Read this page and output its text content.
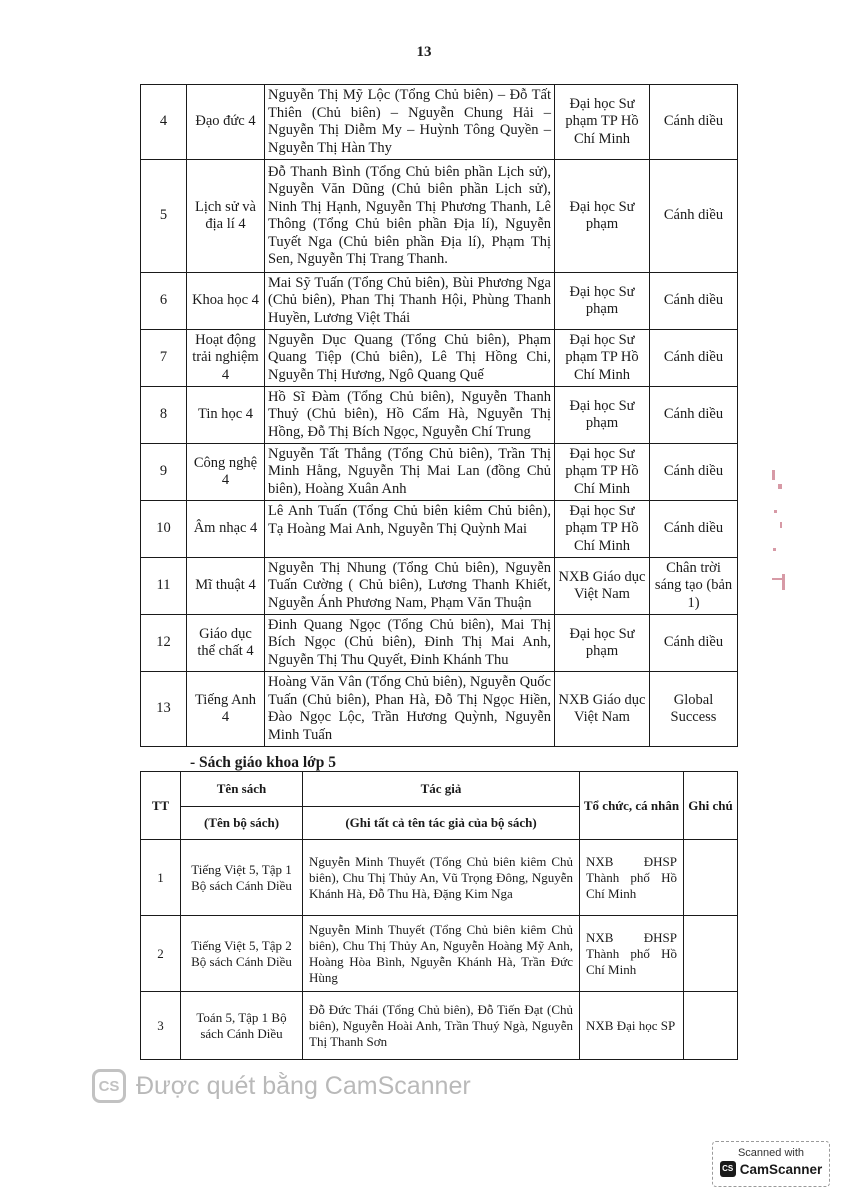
13
4	Đạo đức 4	Nguyễn Thị Mỹ Lộc (Tổng Chủ biên) – Đỗ Tất Thiên (Chủ biên) – Nguyễn Chung Hải – Nguyễn Thị Diễm My – Huỳnh Tông Quyền – Nguyễn Thị Hàn Thy	Đại học Sư phạm TP Hồ Chí Minh	Cánh diều
5	Lịch sử và địa lí 4	Đỗ Thanh Bình (Tổng Chủ biên phần Lịch sử), Nguyễn Văn Dũng (Chủ biên phần Lịch sử), Ninh Thị Hạnh, Nguyễn Thị Phương Thanh, Lê Thông (Tổng Chủ biên phần Địa lí), Nguyễn Tuyết Nga (Chủ biên phần Địa lí), Phạm Thị Sen, Nguyễn Thị Trang Thanh.	Đại học Sư phạm	Cánh diều
6	Khoa học 4	Mai Sỹ Tuấn (Tổng Chủ biên), Bùi Phương Nga (Chủ biên), Phan Thị Thanh Hội, Phùng Thanh Huyền, Lương Việt Thái	Đại học Sư phạm	Cánh diều
7	Hoạt động trải nghiệm 4	Nguyễn Dục Quang (Tổng Chủ biên), Phạm Quang Tiệp (Chủ biên), Lê Thị Hồng Chi, Nguyễn Thị Hương, Ngô Quang Quế	Đại học Sư phạm TP Hồ Chí Minh	Cánh diều
8	Tin học 4	Hồ Sĩ Đàm (Tổng Chủ biên), Nguyễn Thanh Thuỷ (Chủ biên), Hồ Cẩm Hà, Nguyễn Thị Hồng, Đỗ Thị Bích Ngọc, Nguyễn Chí Trung	Đại học Sư phạm	Cánh diều
9	Công nghệ 4	Nguyễn Tất Thắng (Tổng Chủ biên), Trần Thị Minh Hằng, Nguyễn Thị Mai Lan (đồng Chủ biên), Hoàng Xuân Anh	Đại học Sư phạm TP Hồ Chí Minh	Cánh diều
10	Âm nhạc 4	Lê Anh Tuấn (Tổng Chủ biên kiêm Chủ biên), Tạ Hoàng Mai Anh, Nguyễn Thị Quỳnh Mai	Đại học Sư phạm TP Hồ Chí Minh	Cánh diều
11	Mĩ thuật 4	Nguyễn Thị Nhung (Tổng Chủ biên), Nguyễn Tuấn Cường ( Chủ biên), Lương Thanh Khiết, Nguyễn Ánh Phương Nam, Phạm Văn Thuận	NXB Giáo dục Việt Nam	Chân trời sáng tạo (bản 1)
12	Giáo dục thể chất 4	Đinh Quang Ngọc (Tổng Chủ biên), Mai Thị Bích Ngọc (Chủ biên), Đinh Thị Mai Anh, Nguyễn Thị Thu Quyết, Đinh Khánh Thu	Đại học Sư phạm	Cánh diều
13	Tiếng Anh 4	Hoàng Văn Vân (Tổng Chủ biên), Nguyễn Quốc Tuấn (Chủ biên), Phan Hà, Đỗ Thị Ngọc Hiền, Đào Ngọc Lộc, Trần Hương Quỳnh, Nguyễn Minh Tuấn	NXB Giáo dục Việt Nam	Global Success
- Sách giáo khoa lớp 5
TT	Tên sách	Tác giả	Tổ chức, cá nhân	Ghi chú
	(Tên bộ sách)	(Ghi tất cả tên tác giả của bộ sách)		
1	Tiếng Việt 5, Tập 1 Bộ sách Cánh Diều	Nguyễn Minh Thuyết (Tổng Chủ biên kiêm Chủ biên), Chu Thị Thủy An, Vũ Trọng Đông, Nguyễn Khánh Hà, Đỗ Thu Hà, Đặng Kim Nga	NXB ĐHSP Thành phố Hồ Chí Minh	
2	Tiếng Việt 5, Tập 2 Bộ sách Cánh Diều	Nguyễn Minh Thuyết (Tổng Chủ biên kiêm Chủ biên), Chu Thị Thủy An, Nguyễn Hoàng Mỹ Anh, Hoàng Hòa Bình, Nguyễn Khánh Hà, Trần Đức Hùng	NXB ĐHSP Thành phố Hồ Chí Minh	
3	Toán 5, Tập 1 Bộ sách Cánh Diều	Đỗ Đức Thái (Tổng Chủ biên), Đỗ Tiến Đạt (Chủ biên), Nguyễn Hoài Anh, Trần Thuý Ngà, Nguyễn Thị Thanh Sơn	NXB Đại học SP	
CS Được quét bằng CamScanner
Scanned with
CS CamScanner
